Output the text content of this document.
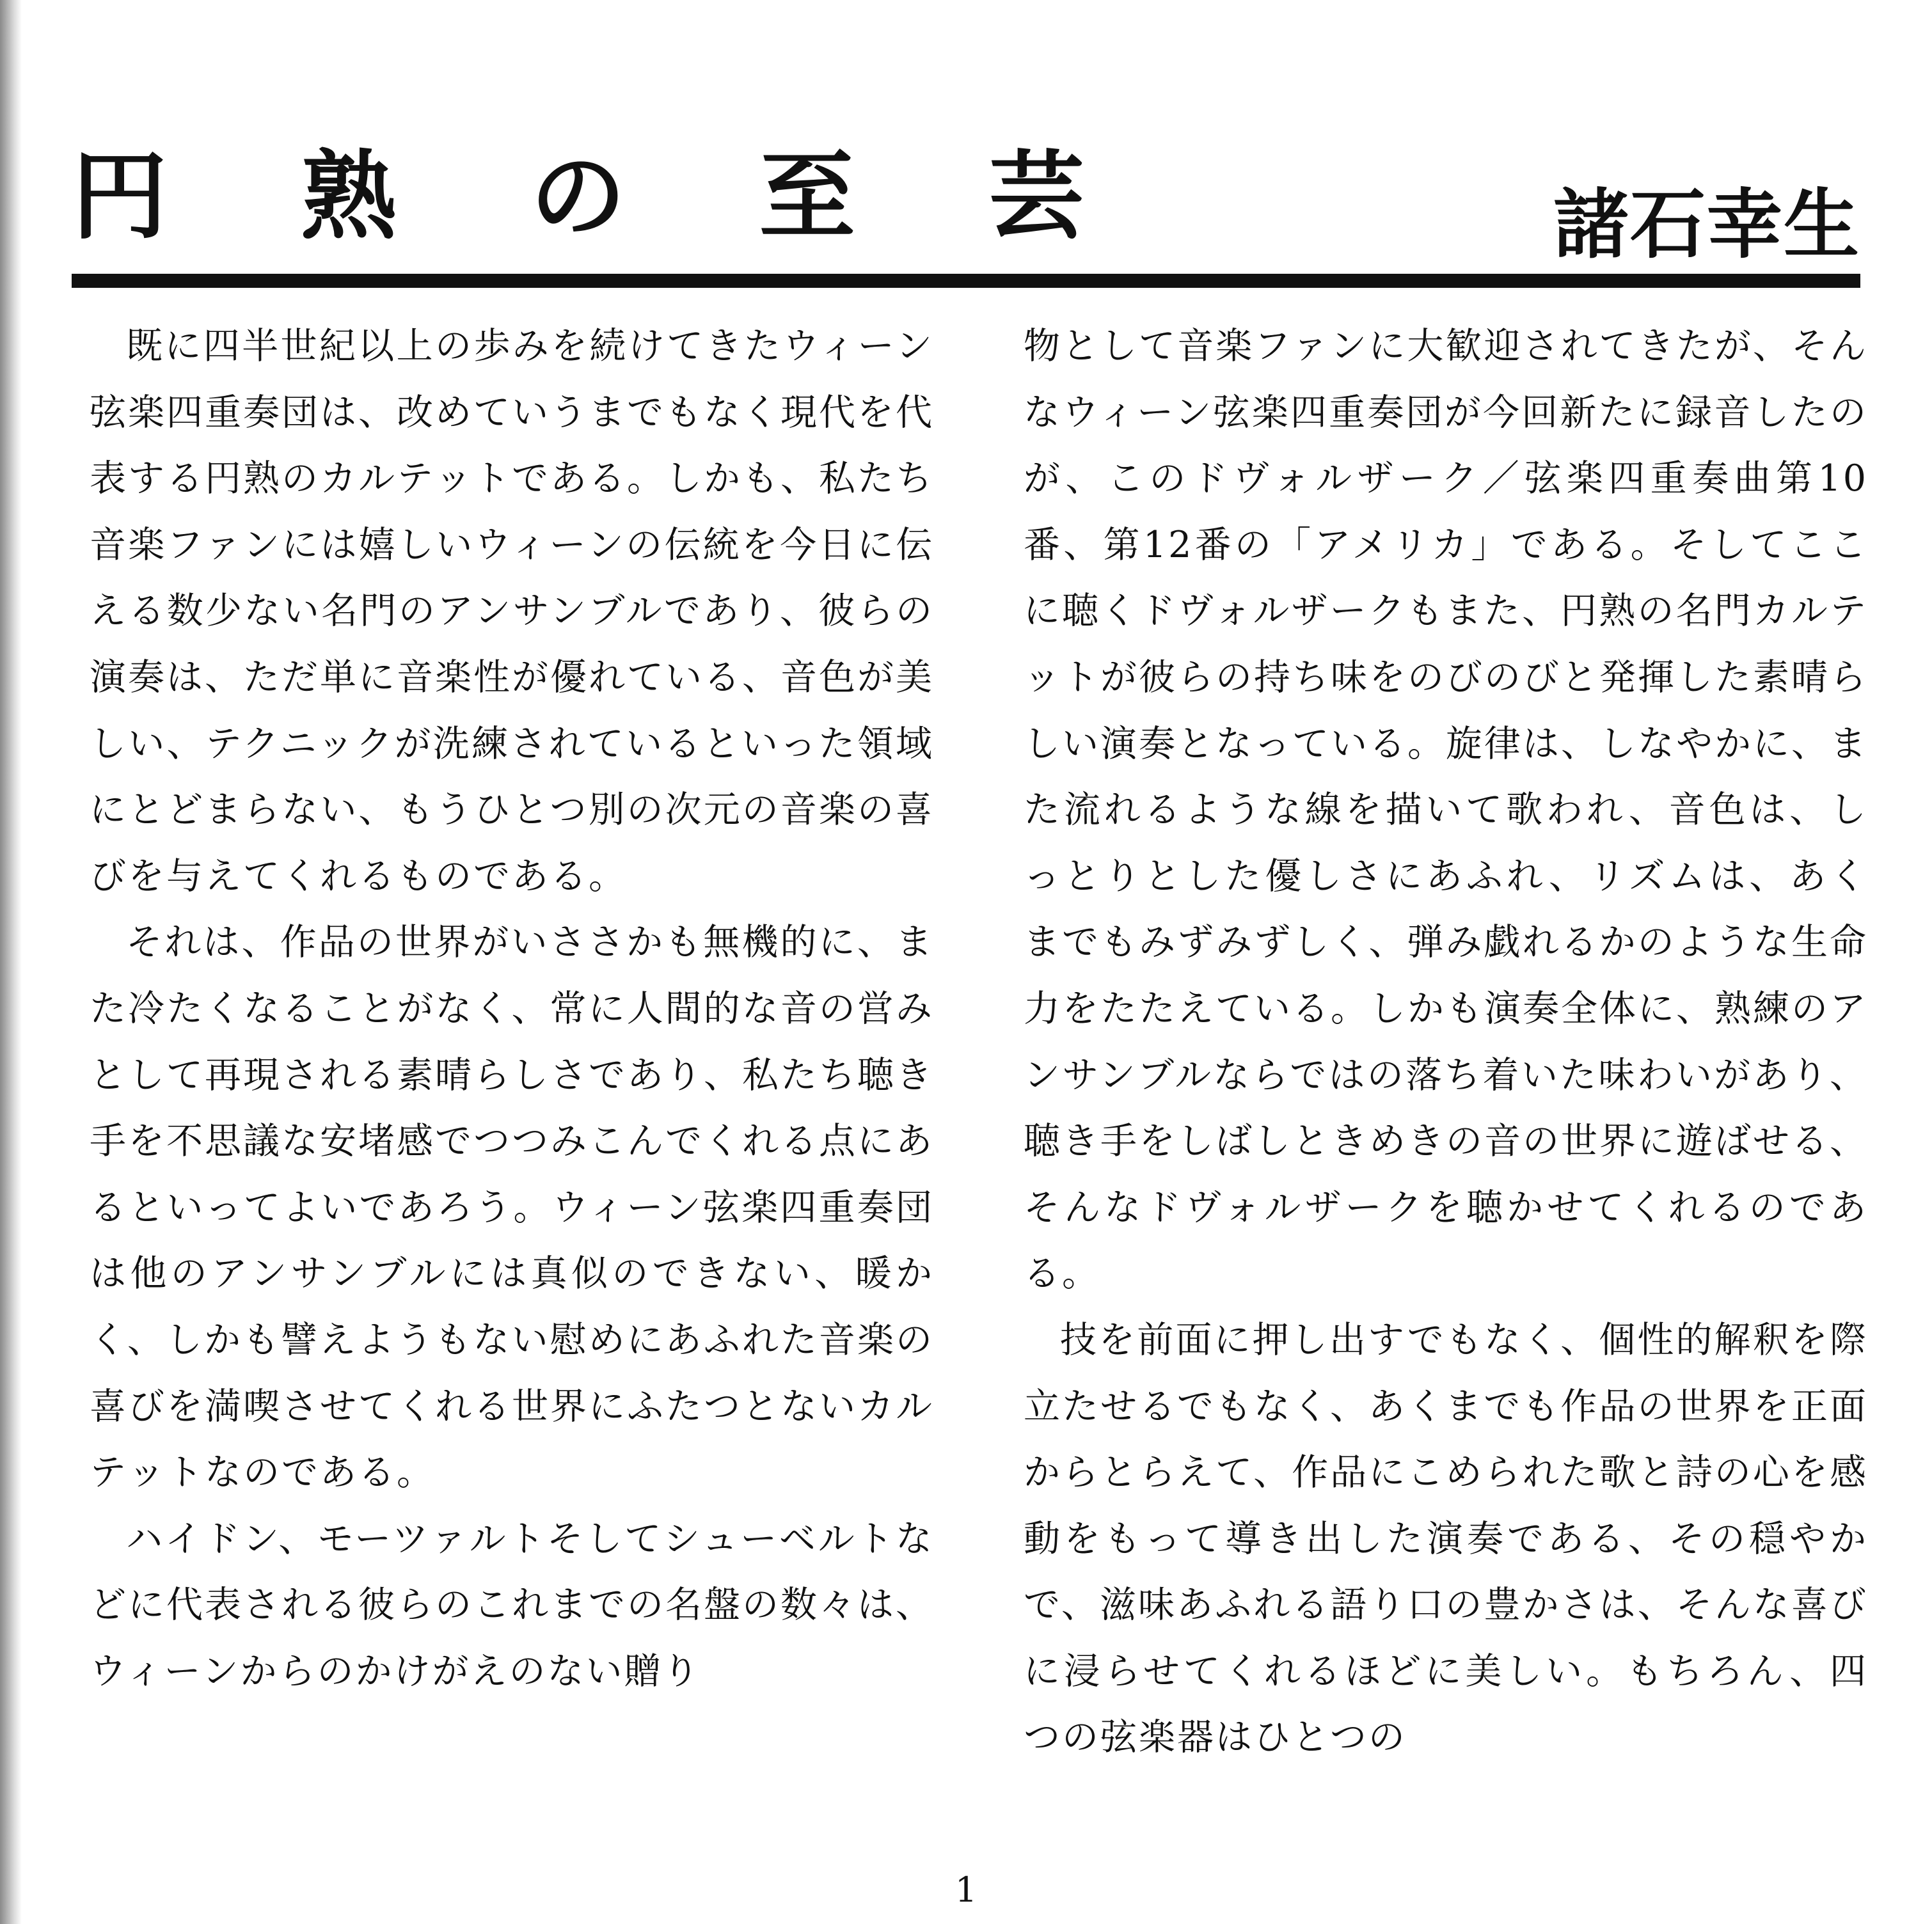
円 熟 の 至 芸	諸石幸生

既に四半世紀以上の歩みを続けてきたウィーン弦楽四重奏団は、改めていうまでもなく現代を代表する円熟のカルテットである。しかも、私たち音楽ファンには嬉しいウィーンの伝統を今日に伝える数少ない名門のアンサンブルであり、彼らの演奏は、ただ単に音楽性が優れている、音色が美しい、テクニックが洗練されているといった領域にとどまらない、もうひとつ別の次元の音楽の喜びを与えてくれるものである。

それは、作品の世界がいささかも無機的に、また冷たくなることがなく、常に人間的な音の営みとして再現される素晴らしさであり、私たち聴き手を不思議な安堵感でつつみこんでくれる点にあるといってよいであろう。ウィーン弦楽四重奏団は他のアンサンブルには真似のできない、暖かく、しかも譬えようもない慰めにあふれた音楽の喜びを満喫させてくれる世界にふたつとないカルテットなのである。

ハイドン、モーツァルトそしてシューベルトなどに代表される彼らのこれまでの名盤の数々は、ウィーンからのかけがえのない贈り

物として音楽ファンに大歓迎されてきたが、そんなウィーン弦楽四重奏団が今回新たに録音したのが、このドヴォルザーク／弦楽四重奏曲第10番、第12番の「アメリカ」である。そしてここに聴くドヴォルザークもまた、円熟の名門カルテットが彼らの持ち味をのびのびと発揮した素晴らしい演奏となっている。旋律は、しなやかに、また流れるような線を描いて歌われ、音色は、しっとりとした優しさにあふれ、リズムは、あくまでもみずみずしく、弾み戯れるかのような生命力をたたえている。しかも演奏全体に、熟練のアンサンブルならではの落ち着いた味わいがあり、聴き手をしばしときめきの音の世界に遊ばせる、そんなドヴォルザークを聴かせてくれるのである。

技を前面に押し出すでもなく、個性的解釈を際立たせるでもなく、あくまでも作品の世界を正面からとらえて、作品にこめられた歌と詩の心を感動をもって導き出した演奏である、その穏やかで、滋味あふれる語り口の豊かさは、そんな喜びに浸らせてくれるほどに美しい。もちろん、四つの弦楽器はひとつの

1
